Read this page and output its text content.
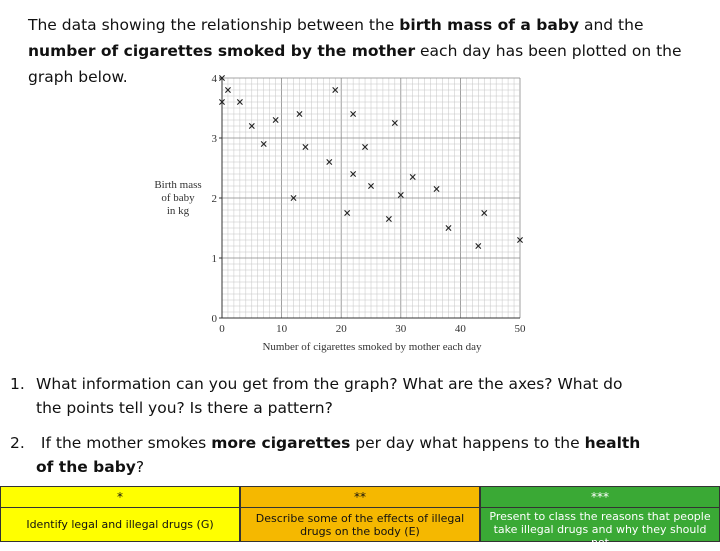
The data showing the relationship between the birth mass of a baby and the number of cigarettes smoked by the mother each day has been plotted on the graph below.

0
1
2
3
4
0	10	20	30	40	50
Birth mass
of baby
in kg
Number of cigarettes smoked by mother each day
1. What information can you get from the graph? What are the axes? What do
the points tell you? Is there a pattern?
2. If the mother smokes more cigarettes per day what happens to the health
of the baby?
*
Identify legal and illegal drugs (G)
**
Describe some of the effects of illegal drugs on the body (E)
***
Present to class the reasons that people take illegal drugs and why they should not
